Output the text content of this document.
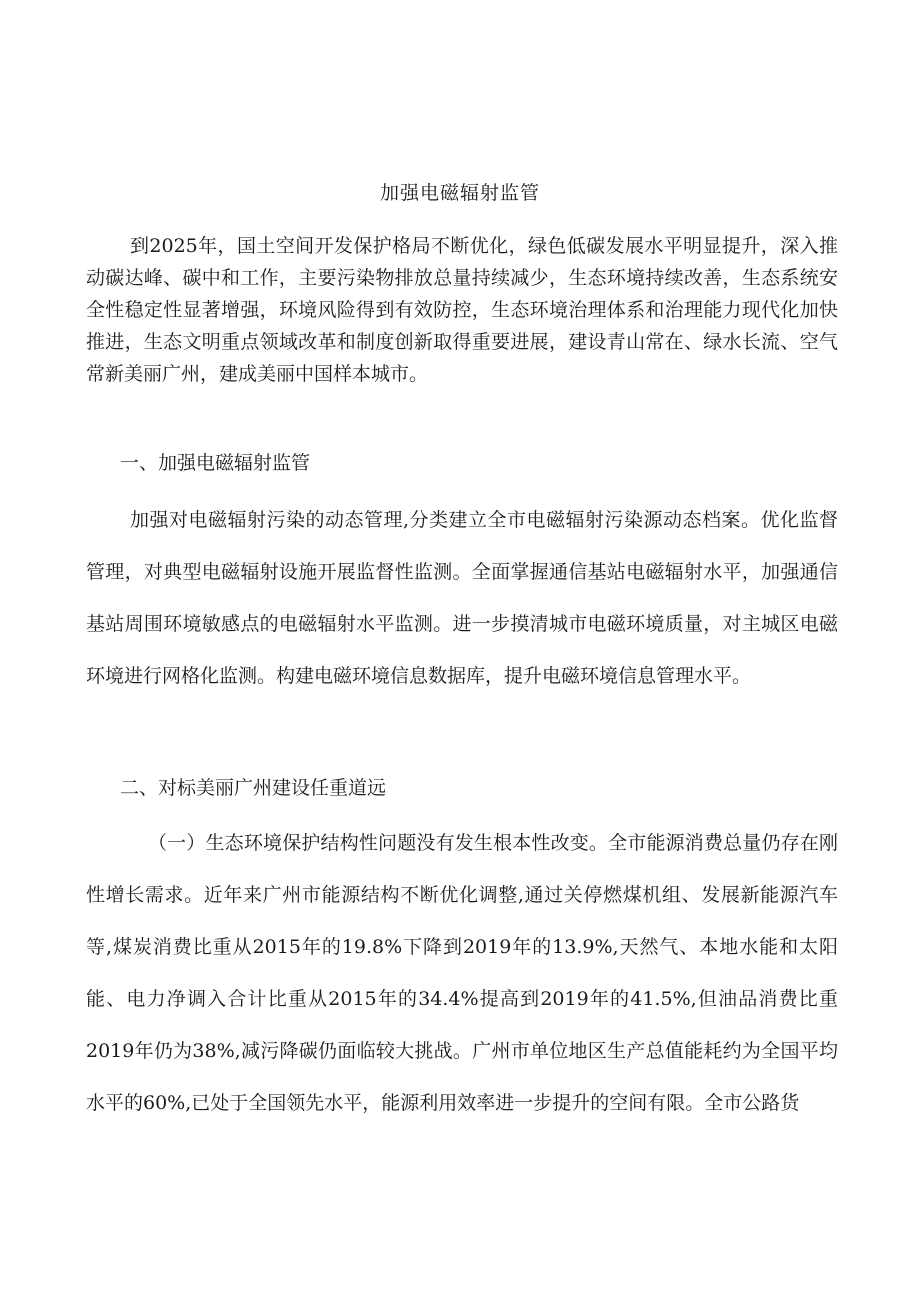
加强电磁辐射监管
到2025年，国土空间开发保护格局不断优化，绿色低碳发展水平明显提升，深入推动碳达峰、碳中和工作，主要污染物排放总量持续减少，生态环境持续改善，生态系统安全性稳定性显著增强，环境风险得到有效防控，生态环境治理体系和治理能力现代化加快推进，生态文明重点领域改革和制度创新取得重要进展，建设青山常在、绿水长流、空气常新美丽广州，建成美丽中国样本城市。
一、加强电磁辐射监管
加强对电磁辐射污染的动态管理,分类建立全市电磁辐射污染源动态档案。优化监督管理，对典型电磁辐射设施开展监督性监测。全面掌握通信基站电磁辐射水平，加强通信基站周围环境敏感点的电磁辐射水平监测。进一步摸清城市电磁环境质量，对主城区电磁环境进行网格化监测。构建电磁环境信息数据库，提升电磁环境信息管理水平。
二、对标美丽广州建设任重道远
（一）生态环境保护结构性问题没有发生根本性改变。全市能源消费总量仍存在刚性增长需求。近年来广州市能源结构不断优化调整,通过关停燃煤机组、发展新能源汽车等,煤炭消费比重从2015年的19.8%下降到2019年的13.9%,天然气、本地水能和太阳能、电力净调入合计比重从2015年的34.4%提高到2019年的41.5%,但油品消费比重2019年仍为38%,减污降碳仍面临较大挑战。广州市单位地区生产总值能耗约为全国平均水平的60%,已处于全国领先水平，能源利用效率进一步提升的空间有限。全市公路货
